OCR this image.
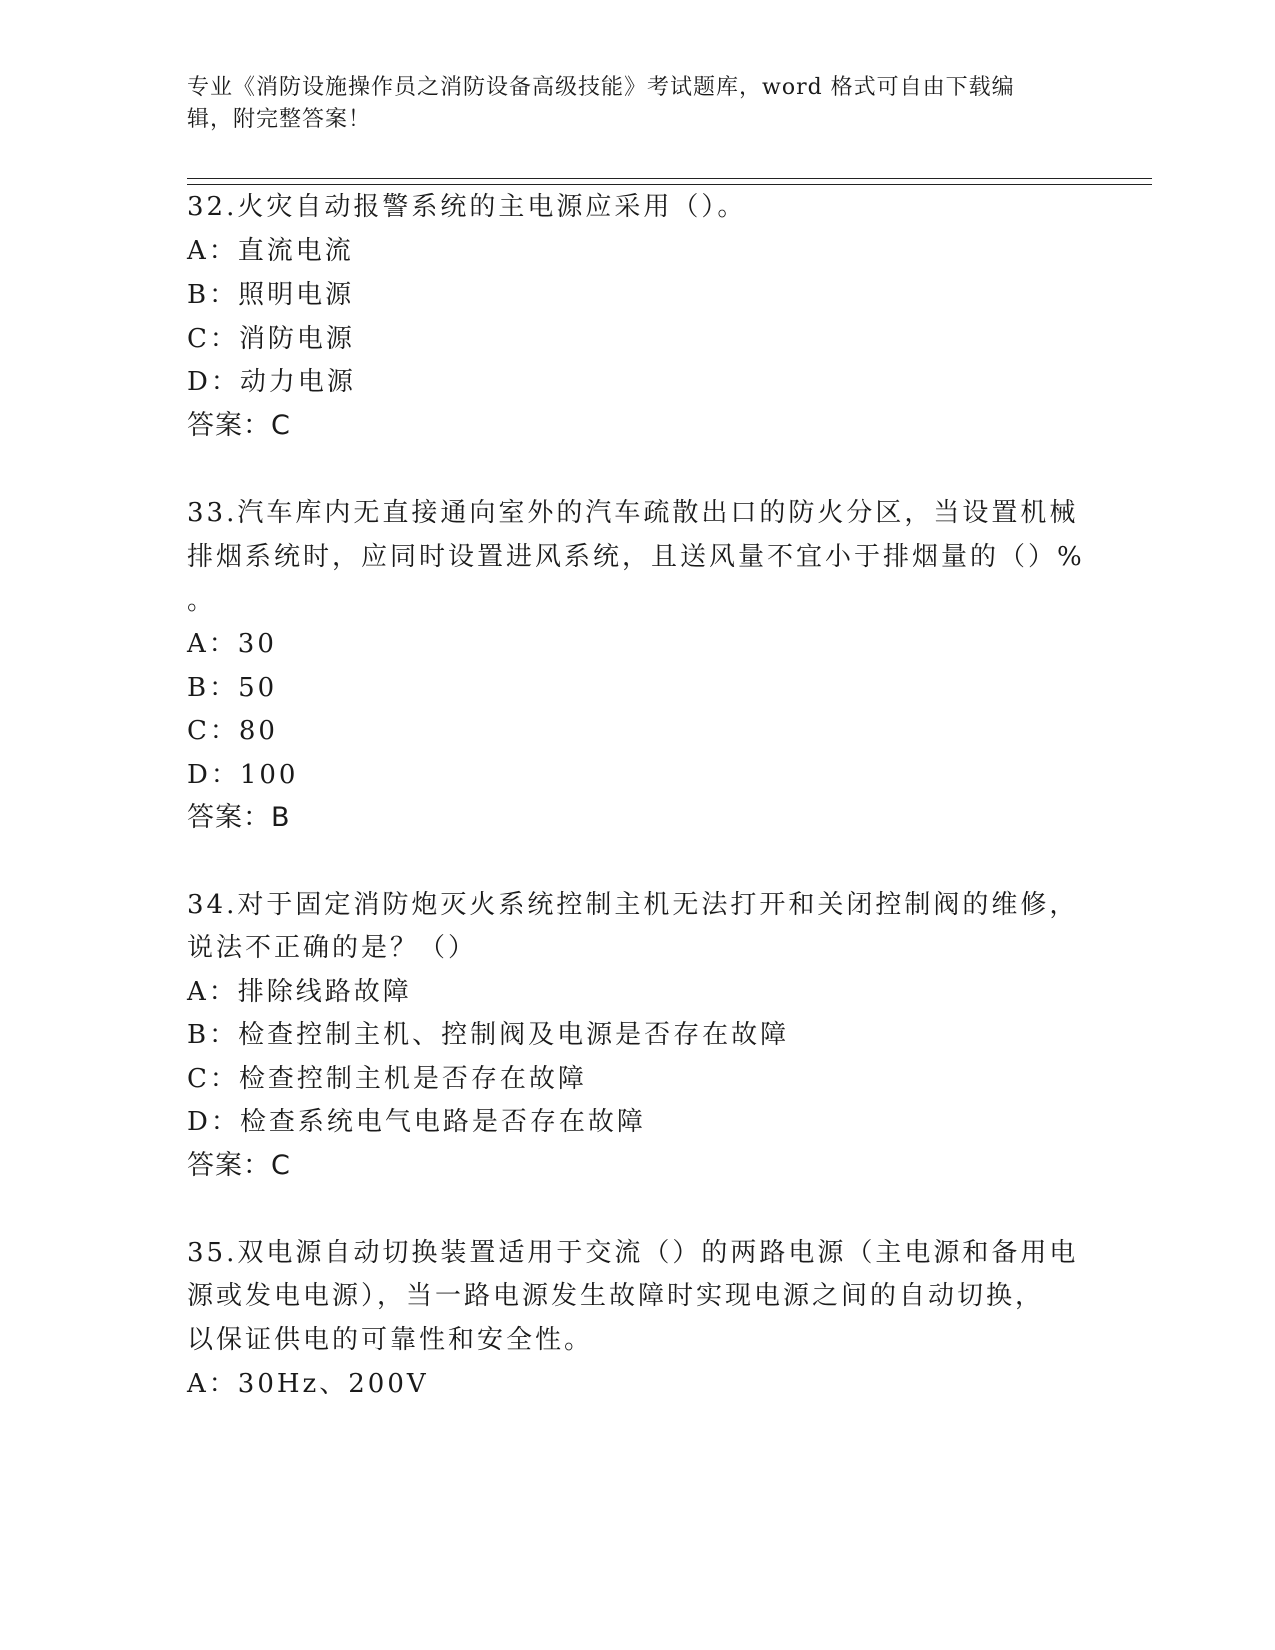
专业《消防设施操作员之消防设备高级技能》考试题库，word 格式可自由下载编
辑，附完整答案！
32.火灾自动报警系统的主电源应采用（）。
A：直流电流
B：照明电源
C：消防电源
D：动力电源
答案：C
33.汽车库内无直接通向室外的汽车疏散出口的防火分区，当设置机械
排烟系统时，应同时设置进风系统，且送风量不宜小于排烟量的（）%
。
A：30
B：50
C：80
D：100
答案：B
34.对于固定消防炮灭火系统控制主机无法打开和关闭控制阀的维修，
说法不正确的是？（）
A：排除线路故障
B：检查控制主机、控制阀及电源是否存在故障
C：检查控制主机是否存在故障
D：检查系统电气电路是否存在故障
答案：C
35.双电源自动切换装置适用于交流（）的两路电源（主电源和备用电
源或发电电源），当一路电源发生故障时实现电源之间的自动切换，
以保证供电的可靠性和安全性。
A：30Hz、200V
